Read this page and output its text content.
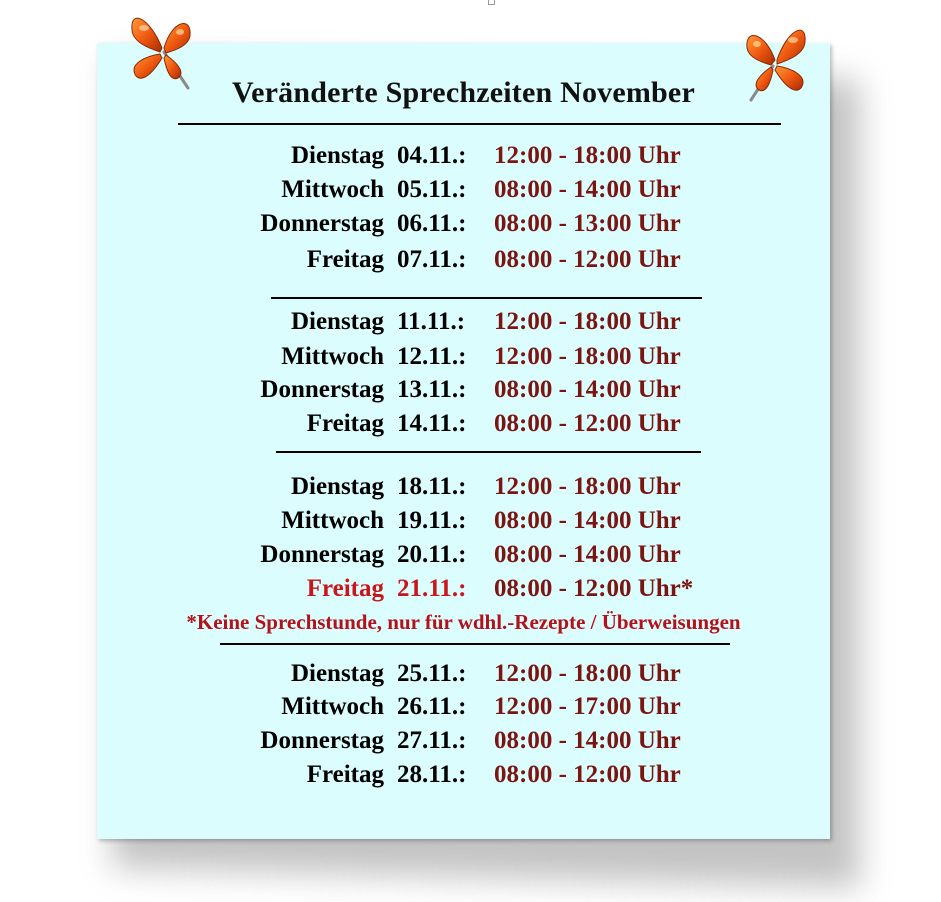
Veränderte Sprechzeiten November
Dienstag 04.11.: 12:00 - 18:00 Uhr
Mittwoch 05.11.: 08:00 - 14:00 Uhr
Donnerstag 06.11.: 08:00 - 13:00 Uhr
Freitag 07.11.: 08:00 - 12:00 Uhr
Dienstag 11.11.: 12:00 - 18:00 Uhr
Mittwoch 12.11.: 12:00 - 18:00 Uhr
Donnerstag 13.11.: 08:00 - 14:00 Uhr
Freitag 14.11.: 08:00 - 12:00 Uhr
Dienstag 18.11.: 12:00 - 18:00 Uhr
Mittwoch 19.11.: 08:00 - 14:00 Uhr
Donnerstag 20.11.: 08:00 - 14:00 Uhr
Freitag 21.11.: 08:00 - 12:00 Uhr*
*Keine Sprechstunde, nur für wdhl.-Rezepte / Überweisungen
Dienstag 25.11.: 12:00 - 18:00 Uhr
Mittwoch 26.11.: 12:00 - 17:00 Uhr
Donnerstag 27.11.: 08:00 - 14:00 Uhr
Freitag 28.11.: 08:00 - 12:00 Uhr
